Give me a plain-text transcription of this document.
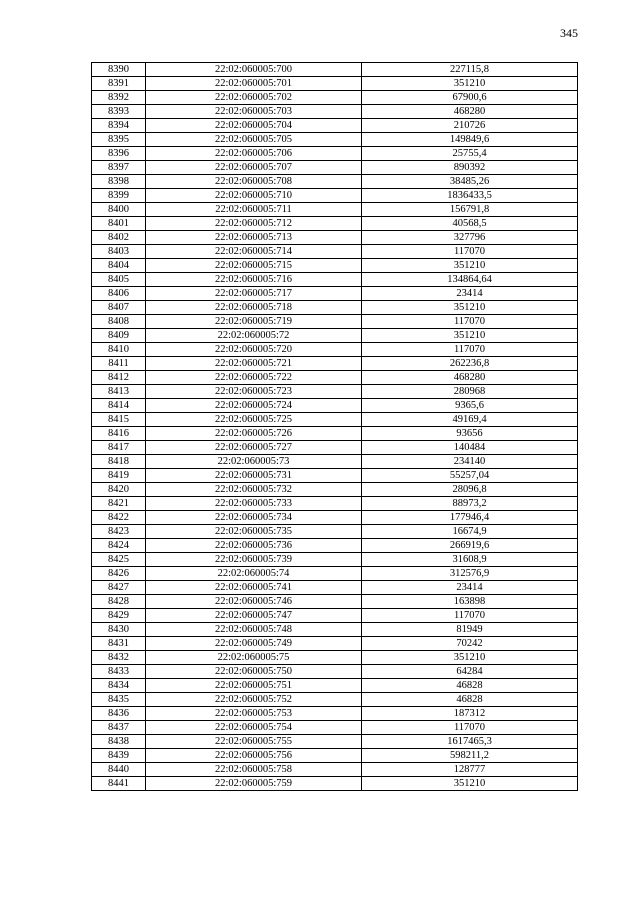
345
8390	22:02:060005:700	227115,8
8391	22:02:060005:701	351210
8392	22:02:060005:702	67900,6
8393	22:02:060005:703	468280
8394	22:02:060005:704	210726
8395	22:02:060005:705	149849,6
8396	22:02:060005:706	25755,4
8397	22:02:060005:707	890392
8398	22:02:060005:708	38485,26
8399	22:02:060005:710	1836433,5
8400	22:02:060005:711	156791,8
8401	22:02:060005:712	40568,5
8402	22:02:060005:713	327796
8403	22:02:060005:714	117070
8404	22:02:060005:715	351210
8405	22:02:060005:716	134864,64
8406	22:02:060005:717	23414
8407	22:02:060005:718	351210
8408	22:02:060005:719	117070
8409	22:02:060005:72	351210
8410	22:02:060005:720	117070
8411	22:02:060005:721	262236,8
8412	22:02:060005:722	468280
8413	22:02:060005:723	280968
8414	22:02:060005:724	9365,6
8415	22:02:060005:725	49169,4
8416	22:02:060005:726	93656
8417	22:02:060005:727	140484
8418	22:02:060005:73	234140
8419	22:02:060005:731	55257,04
8420	22:02:060005:732	28096,8
8421	22:02:060005:733	88973,2
8422	22:02:060005:734	177946,4
8423	22:02:060005:735	16674,9
8424	22:02:060005:736	266919,6
8425	22:02:060005:739	31608,9
8426	22:02:060005:74	312576,9
8427	22:02:060005:741	23414
8428	22:02:060005:746	163898
8429	22:02:060005:747	117070
8430	22:02:060005:748	81949
8431	22:02:060005:749	70242
8432	22:02:060005:75	351210
8433	22:02:060005:750	64284
8434	22:02:060005:751	46828
8435	22:02:060005:752	46828
8436	22:02:060005:753	187312
8437	22:02:060005:754	117070
8438	22:02:060005:755	1617465,3
8439	22:02:060005:756	598211,2
8440	22:02:060005:758	128777
8441	22:02:060005:759	351210
